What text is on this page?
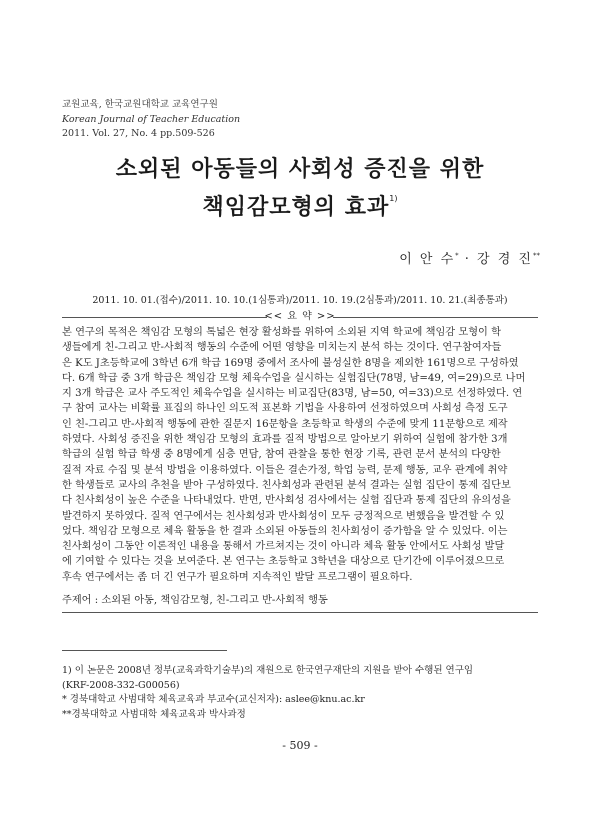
교원교육, 한국교원대학교 교육연구원
Korean Journal of Teacher Education
2011. Vol. 27, No. 4 pp.509-526
소외된 아동들의 사회성 증진을 위한
책임감모형의 효과$^{1)}$
이 안 수* · 강 경 진**
2011. 10. 01.(접수)/2011. 10. 10.(1심통과)/2011. 10. 19.(2심통과)/2011. 10. 21.(최종통과)
<< 요 약 >>
본 연구의 목적은 책임감 모형의 톡넓은 현장 활성화를 위하여 소외된 지역 학교에 책임감 모형이 학
생들에게 친-그리고 반-사회적 행동의 수준에 어떤 영향을 미치는지 분석 하는 것이다. 연구참여자들
은 K도 J초등학교에 3학년 6개 학급 169명 중에서 조사에 불성실한 8명을 제외한 161명으로 구성하였
다. 6개 학급 중 3개 학급은 책임감 모형 체육수업을 실시하는 실험집단(78명, 남=49, 여=29)으로 나머
지 3개 학급은 교사 주도적인 체육수업을 실시하는 비교집단(83명, 남=50, 여=33)으로 선정하였다. 연
구 참여 교사는 비확률 표집의 하나인 의도적 표본화 기법을 사용하여 선정하였으며 사회성 측정 도구
인 친-그리고 반-사회적 행동에 관한 질문지 16문항을 초등학교 학생의 수준에 맞게 11문항으로 제작
하였다. 사회성 증진을 위한 책임감 모형의 효과를 질적 방법으로 알아보기 위하여 실험에 참가한 3개
학급의 실험 학급 학생 중 8명에게 심층 면담, 참여 관찰을 통한 현장 기록, 관련 문서 분석의 다양한
질적 자료 수집 및 분석 방법을 이용하였다. 이들은 결손가정, 학업 능력, 문제 행동, 교우 관계에 취약
한 학생들로 교사의 추천을 받아 구성하였다. 친사회성과 관련된 분석 결과는 실험 집단이 통제 집단보
다 친사회성이 높은 수준을 나타내었다. 반면, 반사회성 검사에서는 실험 집단과 통제 집단의 유의성을
발견하지 못하였다. 질적 연구에서는 친사회성과 반사회성이 모두 긍정적으로 변했음을 발견할 수 있
었다. 책임감 모형으로 체육 활동을 한 결과 소외된 아동들의 친사회성이 증가함을 알 수 있었다. 이는
친사회성이 그동안 이론적인 내용을 통해서 가르쳐지는 것이 아니라 체육 활동 안에서도 사회성 발달
에 기여할 수 있다는 것을 보여준다. 본 연구는 초등학교 3학년을 대상으로 단기간에 이루어졌으므로
후속 연구에서는 좀 더 긴 연구가 필요하며 지속적인 발달 프로그램이 필요하다.
주제어 : 소외된 아동, 책임감모형, 친-그리고 반-사회적 행동
1) 이 논문은 2008년 정부(교육과학기술부)의 재원으로 한국연구재단의 지원을 받아 수행된 연구임
(KRF-2008-332-G00056)
* 경북대학교 사범대학 체육교육과 부교수(교신저자): aslee@knu.ac.kr
**경북대학교 사범대학 체육교육과 박사과정
- 509 -
